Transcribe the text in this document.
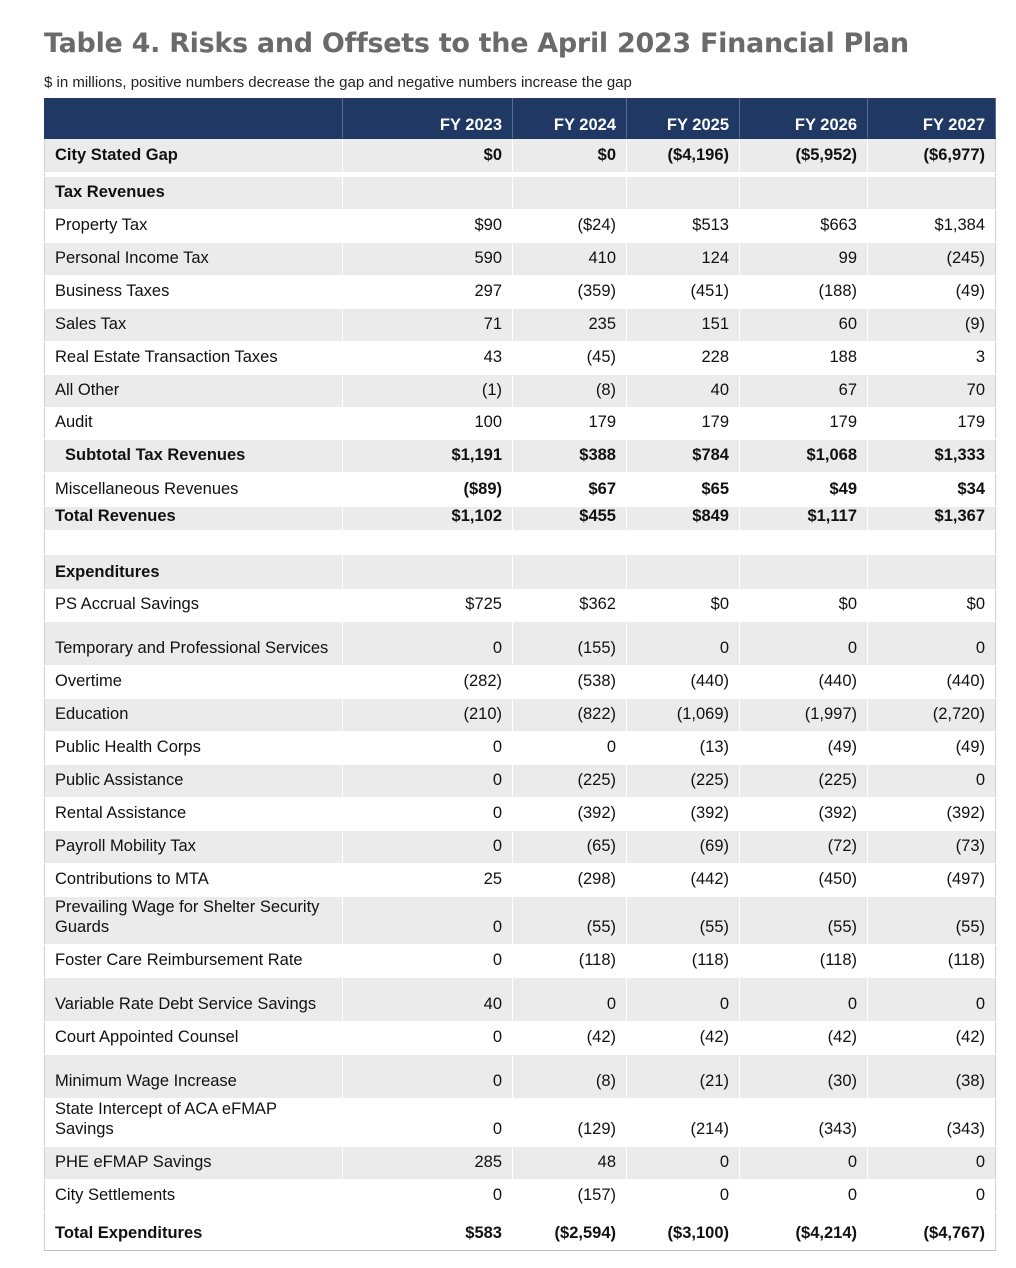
Table 4. Risks and Offsets to the April 2023 Financial Plan
$ in millions, positive numbers decrease the gap and negative numbers increase the gap
	FY 2023	FY 2024	FY 2025	FY 2026	FY 2027
City Stated Gap	$0	$0	($4,196)	($5,952)	($6,977)

Tax Revenues					
Property Tax	$90	($24)	$513	$663	$1,384
Personal Income Tax	590	410	124	99	(245)
Business Taxes	297	(359)	(451)	(188)	(49)
Sales Tax	71	235	151	60	(9)
Real Estate Transaction Taxes	43	(45)	228	188	3
All Other	(1)	(8)	40	67	70
Audit	100	179	179	179	179
Subtotal Tax Revenues	$1,191	$388	$784	$1,068	$1,333
Miscellaneous Revenues	($89)	$67	$65	$49	$34
Total Revenues	$1,102	$455	$849	$1,117	$1,367

Expenditures					
PS Accrual Savings	$725	$362	$0	$0	$0
Temporary and Professional Services	0	(155)	0	0	0
Overtime	(282)	(538)	(440)	(440)	(440)
Education	(210)	(822)	(1,069)	(1,997)	(2,720)
Public Health Corps	0	0	(13)	(49)	(49)
Public Assistance	0	(225)	(225)	(225)	0
Rental Assistance	0	(392)	(392)	(392)	(392)
Payroll Mobility Tax	0	(65)	(69)	(72)	(73)
Contributions to MTA	25	(298)	(442)	(450)	(497)
Prevailing Wage for Shelter Security Guards	0	(55)	(55)	(55)	(55)
Foster Care Reimbursement Rate	0	(118)	(118)	(118)	(118)
Variable Rate Debt Service Savings	40	0	0	0	0
Court Appointed Counsel	0	(42)	(42)	(42)	(42)
Minimum Wage Increase	0	(8)	(21)	(30)	(38)
State Intercept of ACA eFMAP Savings	0	(129)	(214)	(343)	(343)
PHE eFMAP Savings	285	48	0	0	0
City Settlements	0	(157)	0	0	0
Total Expenditures	$583	($2,594)	($3,100)	($4,214)	($4,767)
